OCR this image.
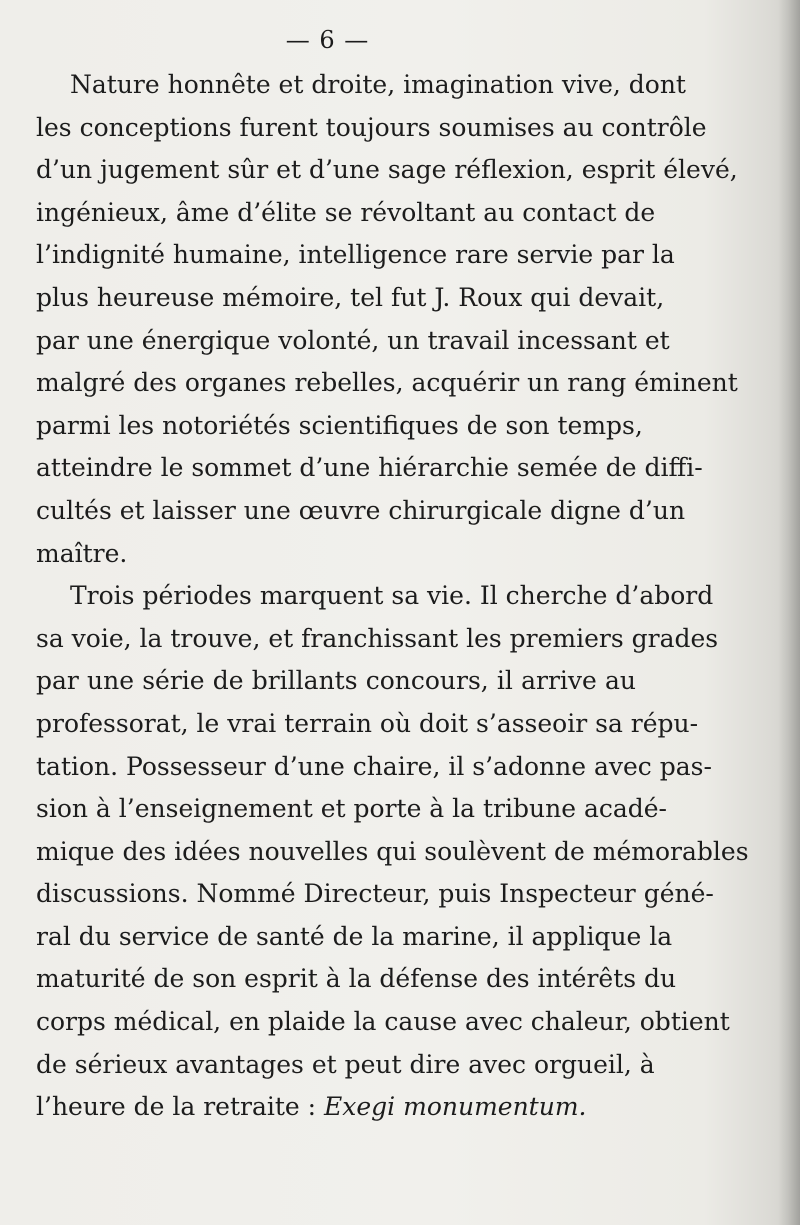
— 6 —
Nature honnête et droite, imagination vive, dont
les conceptions furent toujours soumises au contrôle
d’un jugement sûr et d’une sage réflexion, esprit élevé,
ingénieux, âme d’élite se révoltant au contact de
l’indignité humaine, intelligence rare servie par la
plus heureuse mémoire, tel fut J. Roux qui devait,
par une énergique volonté, un travail incessant et
malgré des organes rebelles, acquérir un rang éminent
parmi les notoriétés scientifiques de son temps,
atteindre le sommet d’une hiérarchie semée de diffi-
cultés et laisser une œuvre chirurgicale digne d’un
maître.
Trois périodes marquent sa vie. Il cherche d’abord
sa voie, la trouve, et franchissant les premiers grades
par une série de brillants concours, il arrive au
professorat, le vrai terrain où doit s’asseoir sa répu-
tation. Possesseur d’une chaire, il s’adonne avec pas-
sion à l’enseignement et porte à la tribune acadé-
mique des idées nouvelles qui soulèvent de mémorables
discussions. Nommé Directeur, puis Inspecteur géné-
ral du service de santé de la marine, il applique la
maturité de son esprit à la défense des intérêts du
corps médical, en plaide la cause avec chaleur, obtient
de sérieux avantages et peut dire avec orgueil, à
l’heure de la retraite : Exegi monumentum.
